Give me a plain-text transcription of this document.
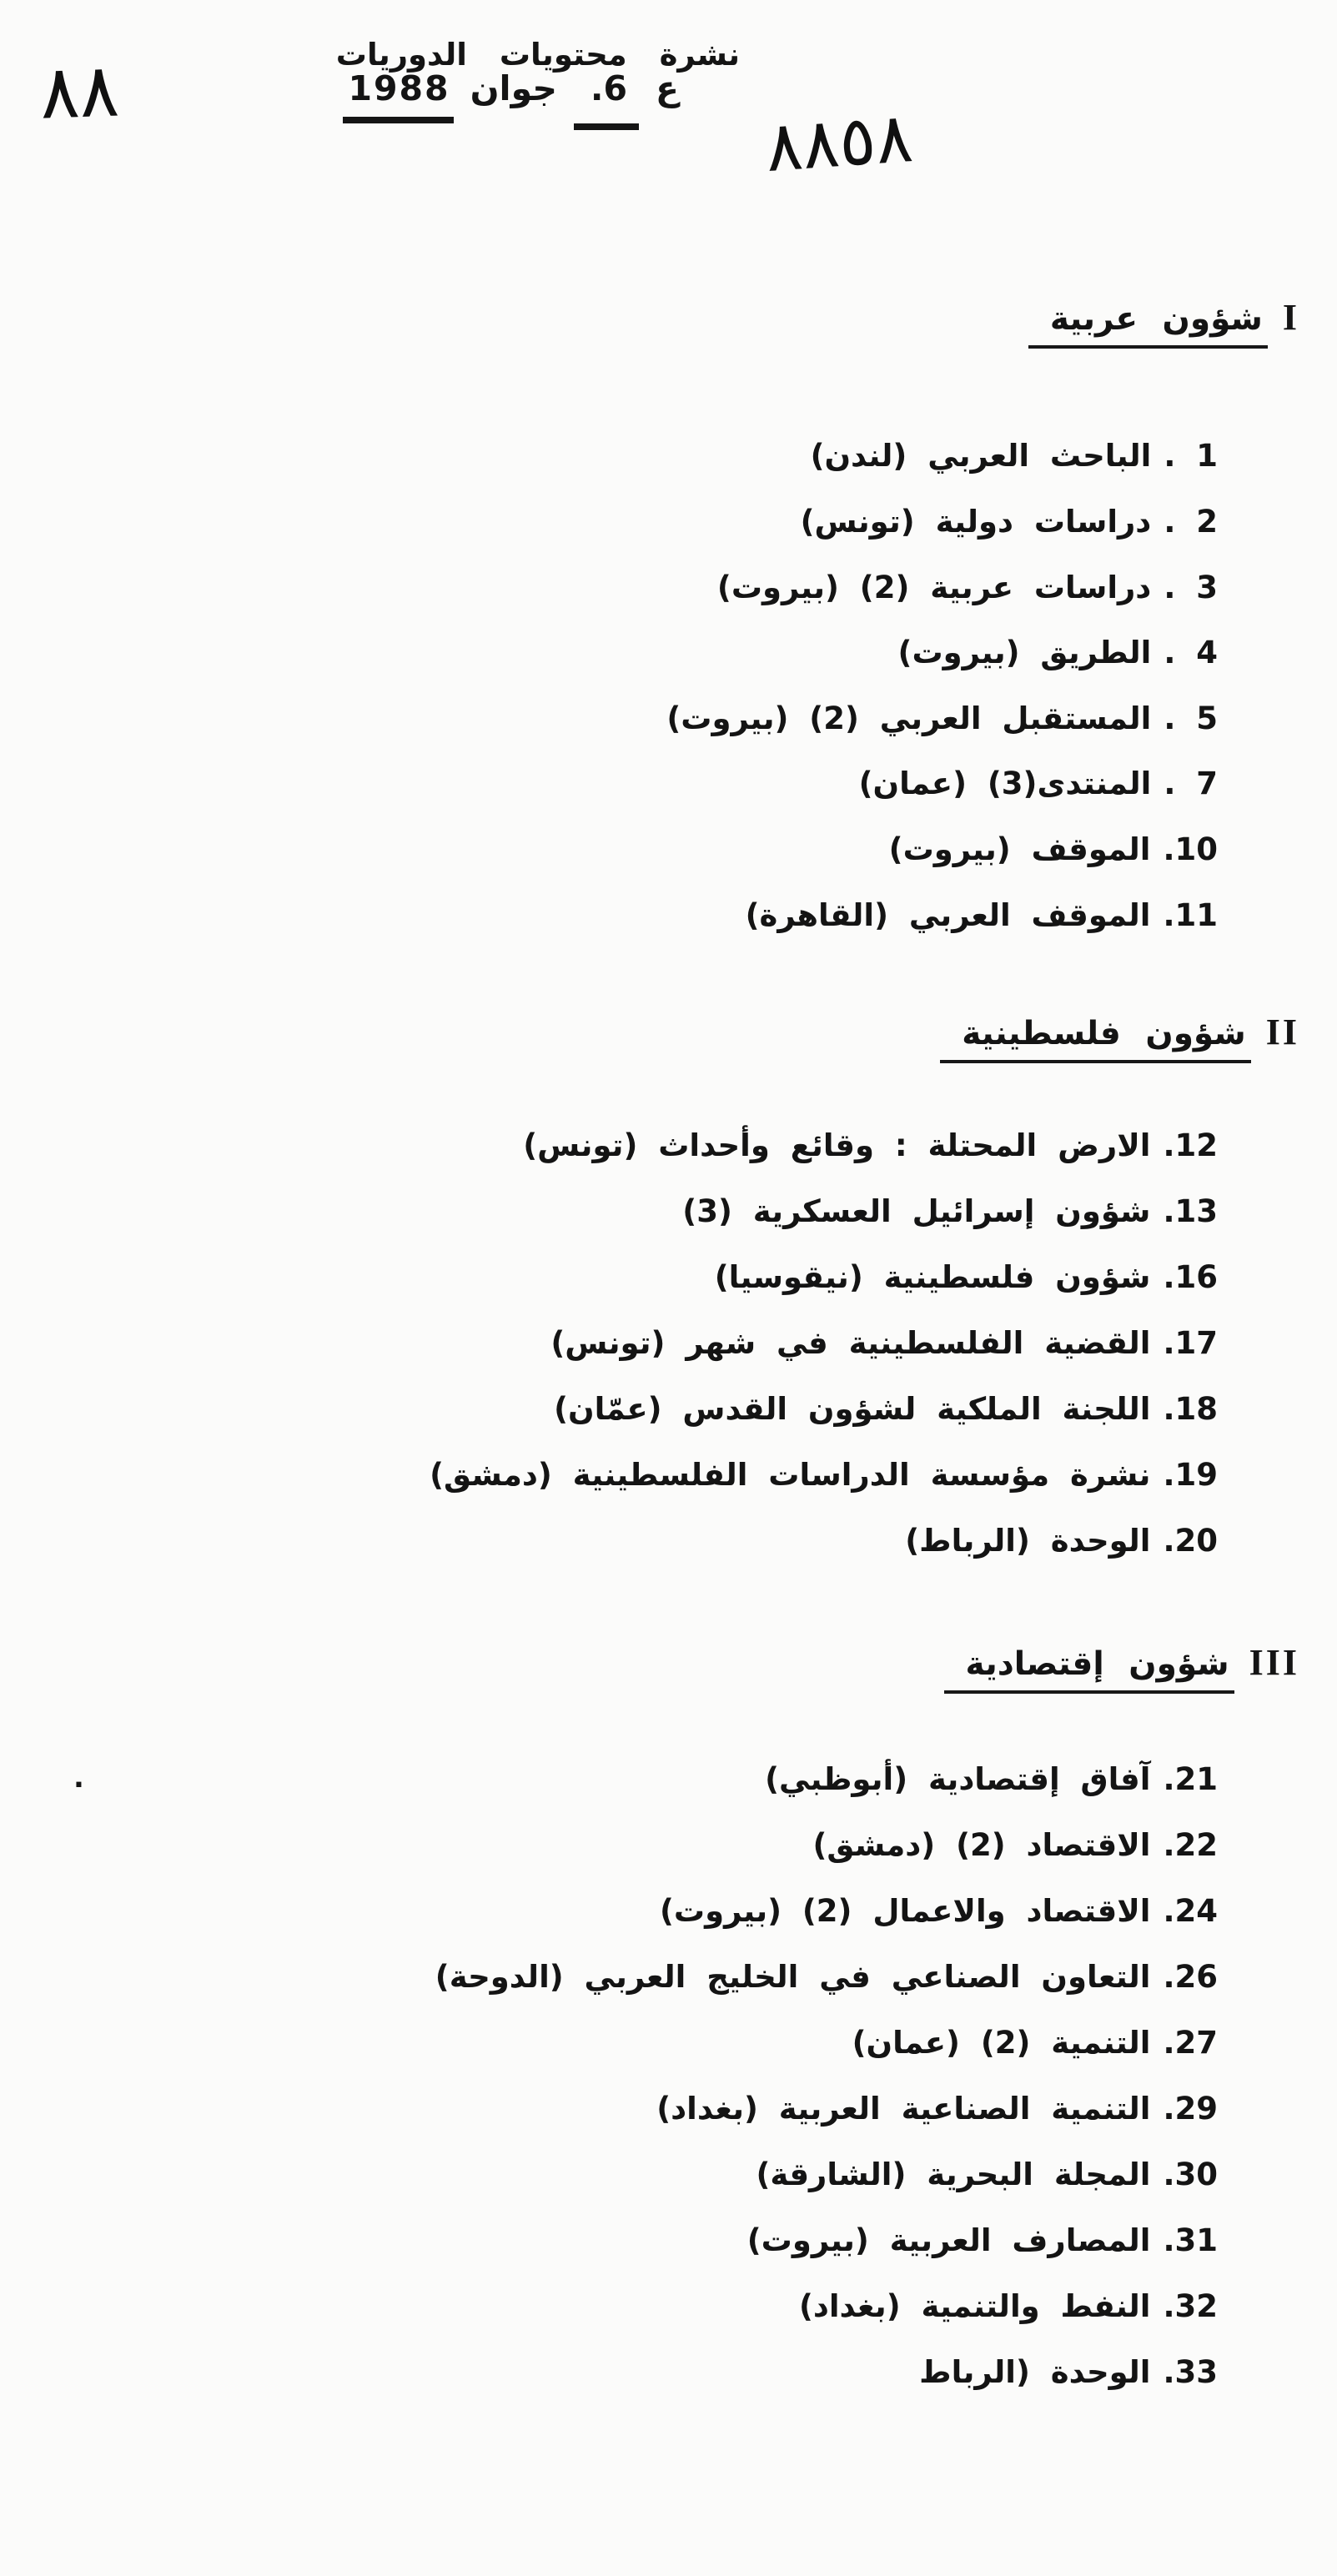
نشرة محتويات الدوريات
ع
6.
جوان
1988
٨٨
٨٨٥٨
.
I
شؤون عربية
1 .
الباحث العربي (لندن)
2 .
دراسات دولية (تونس)
3 .
دراسات عربية (2) (بيروت)
4 .
الطريق (بيروت)
5 .
المستقبل العربي (2) (بيروت)
7 .
المنتدى(3) (عمان)
10.
الموقف (بيروت)
11.
الموقف العربي (القاهرة)
II
شؤون فلسطينية
12.
الارض المحتلة : وقائع وأحداث (تونس)
13.
شؤون إسرائيل العسكرية (3)
16.
شؤون فلسطينية (نيقوسيا)
17.
القضية الفلسطينية في شهر (تونس)
18.
اللجنة الملكية لشؤون القدس (عمّان)
19.
نشرة مؤسسة الدراسات الفلسطينية (دمشق)
20.
الوحدة (الرباط)
III
شؤون إقتصادية
21.
آفاق إقتصادية (أبوظبي)
22.
الاقتصاد (2) (دمشق)
24.
الاقتصاد والاعمال (2) (بيروت)
26.
التعاون الصناعي في الخليج العربي (الدوحة)
27.
التنمية (2) (عمان)
29.
التنمية الصناعية العربية (بغداد)
30.
المجلة البحرية (الشارقة)
31.
المصارف العربية (بيروت)
32.
النفط والتنمية (بغداد)
33.
الوحدة (الرباط
